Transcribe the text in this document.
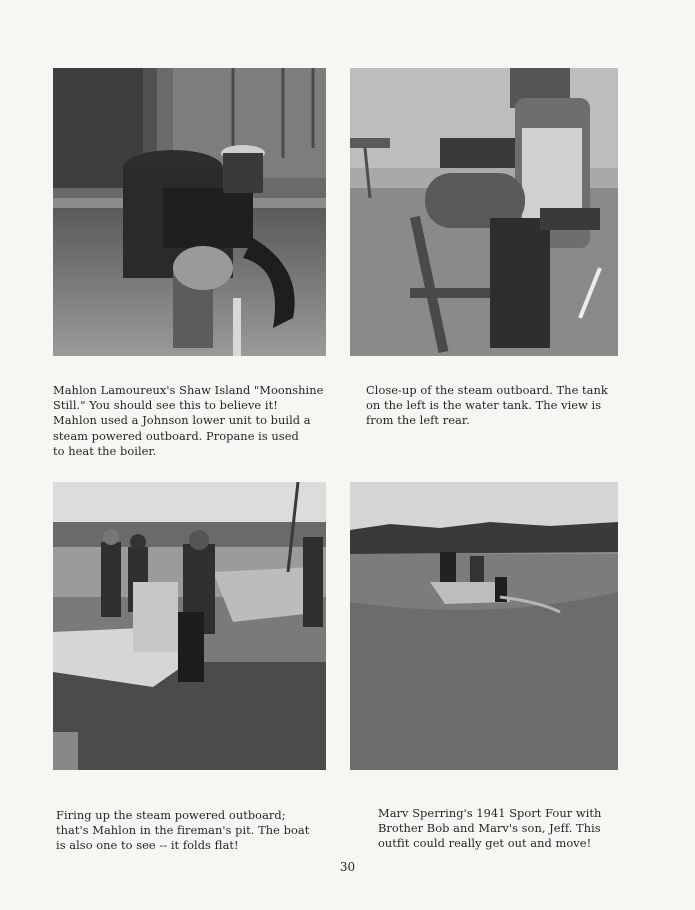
Mahlon Lamoureux's Shaw Island "Moonshine
Still." You should see this to believe it!
Mahlon used a Johnson lower unit to build a
steam powered outboard. Propane is used
to heat the boiler.
Close-up of the steam outboard. The tank
on the left is the water tank. The view is
from the left rear.
Firing up the steam powered outboard;
that's Mahlon in the fireman's pit. The boat
is also one to see -- it folds flat!
Marv Sperring's 1941 Sport Four with
Brother Bob and Marv's son, Jeff. This
outfit could really get out and move!
30
